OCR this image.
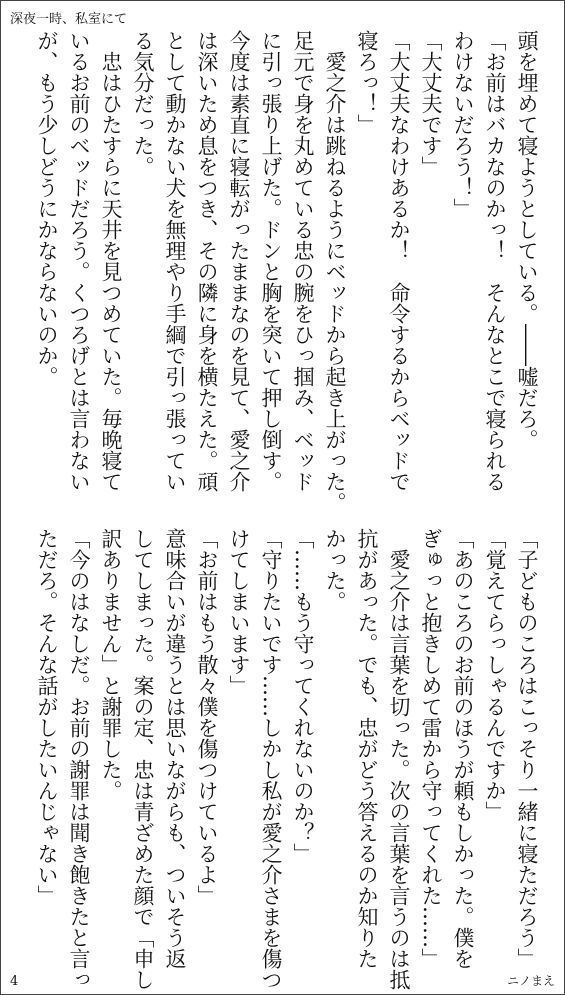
深夜一時、私室にて
頭を埋めて寝ようとしている。――嘘だろ。
「お前はバカなのかっ！　そんなとこで寝られる
わけないだろう！」
「大丈夫です」
「大丈夫なわけあるか！　命令するからベッドで
寝ろっ！」
　愛之介は跳ねるようにベッドから起き上がった。
足元で身を丸めている忠の腕をひっ掴み、ベッド
に引っ張り上げた。ドンと胸を突いて押し倒す。
今度は素直に寝転がったままなのを見て、愛之介
は深いため息をつき、その隣に身を横たえた。頑
として動かない犬を無理やり手綱で引っ張ってい
る気分だった。
　忠はひたすらに天井を見つめていた。毎晩寝て
いるお前のベッドだろう。くつろげとは言わない
が、もう少しどうにかならないのか。
「子どものころはこっそり一緒に寝ただろう」
「覚えてらっしゃるんですか」
「あのころのお前のほうが頼もしかった。僕を
ぎゅっと抱きしめて雷から守ってくれた……」
　愛之介は言葉を切った。次の言葉を言うのは抵
抗があった。でも、忠がどう答えるのか知りた
かった。
「……もう守ってくれないのか？」
「守りたいです……しかし私が愛之介さまを傷つ
けてしまいます」
「お前はもう散々僕を傷つけているよ」
意味合いが違うとは思いながらも、ついそう返
してしまった。案の定、忠は青ざめた顔で「申し
訳ありません」と謝罪した。
「今のはなしだ。お前の謝罪は聞き飽きたと言っ
ただろ。そんな話がしたいんじゃない」
4	ニノまえ
